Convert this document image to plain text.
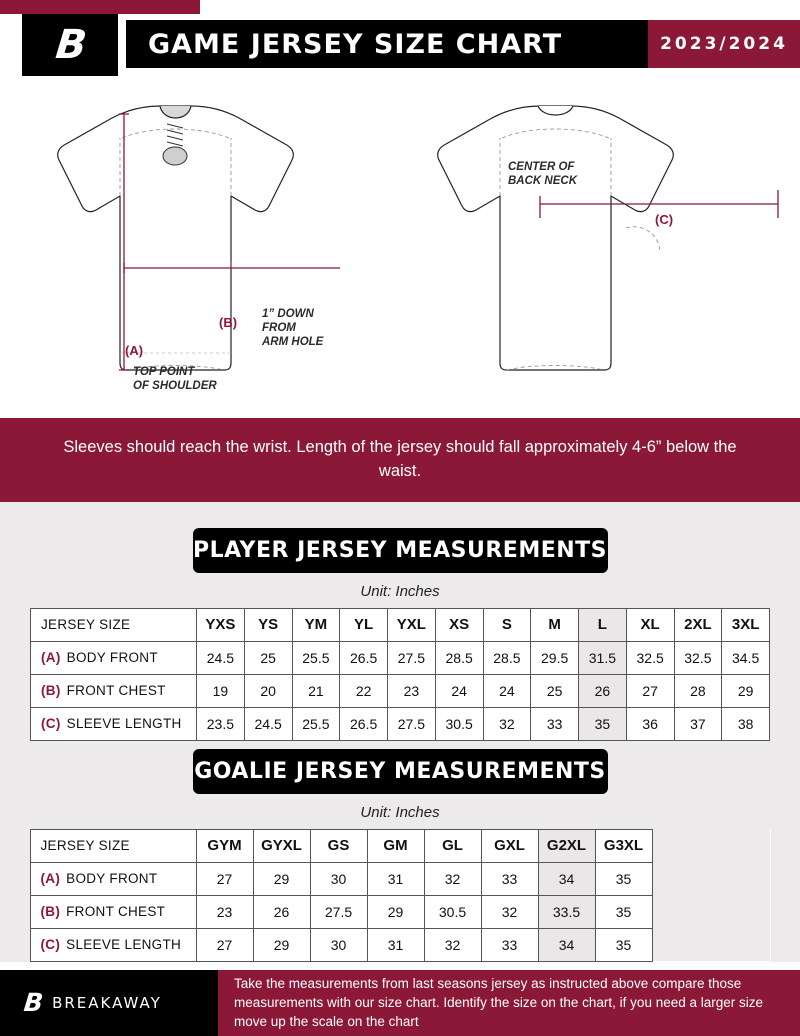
B GAME JERSEY SIZE CHART	2023/2024
(A)
(B)
1” DOWN
FROM
ARM HOLE
TOP POINT
OF SHOULDER
(C)
CENTER OF
BACK NECK
Sleeves should reach the wrist. Length of the jersey should fall approximately 4-6” below the waist.
PLAYER JERSEY MEASUREMENTS
Unit: Inches
JERSEY SIZE	YXS	YS	YM	YL	YXL	XS	S	M	L	XL	2XL	3XL
(A) BODY FRONT	24.5	25	25.5	26.5	27.5	28.5	28.5	29.5	31.5	32.5	32.5	34.5
(B) FRONT CHEST	19	20	21	22	23	24	24	25	26	27	28	29
(C) SLEEVE LENGTH	23.5	24.5	25.5	26.5	27.5	30.5	32	33	35	36	37	38
GOALIE JERSEY MEASUREMENTS
Unit: Inches
JERSEY SIZE	GYM	GYXL	GS	GM	GL	GXL	G2XL	G3XL	
(A) BODY FRONT	27	29	30	31	32	33	34	35	
(B) FRONT CHEST	23	26	27.5	29	30.5	32	33.5	35	
(C) SLEEVE LENGTH	27	29	30	31	32	33	34	35	
B BREAKAWAY
Take the measurements from last seasons jersey as instructed above compare those measurements with our size chart. Identify the size on the chart, if you need a larger size move up the scale on the chart
